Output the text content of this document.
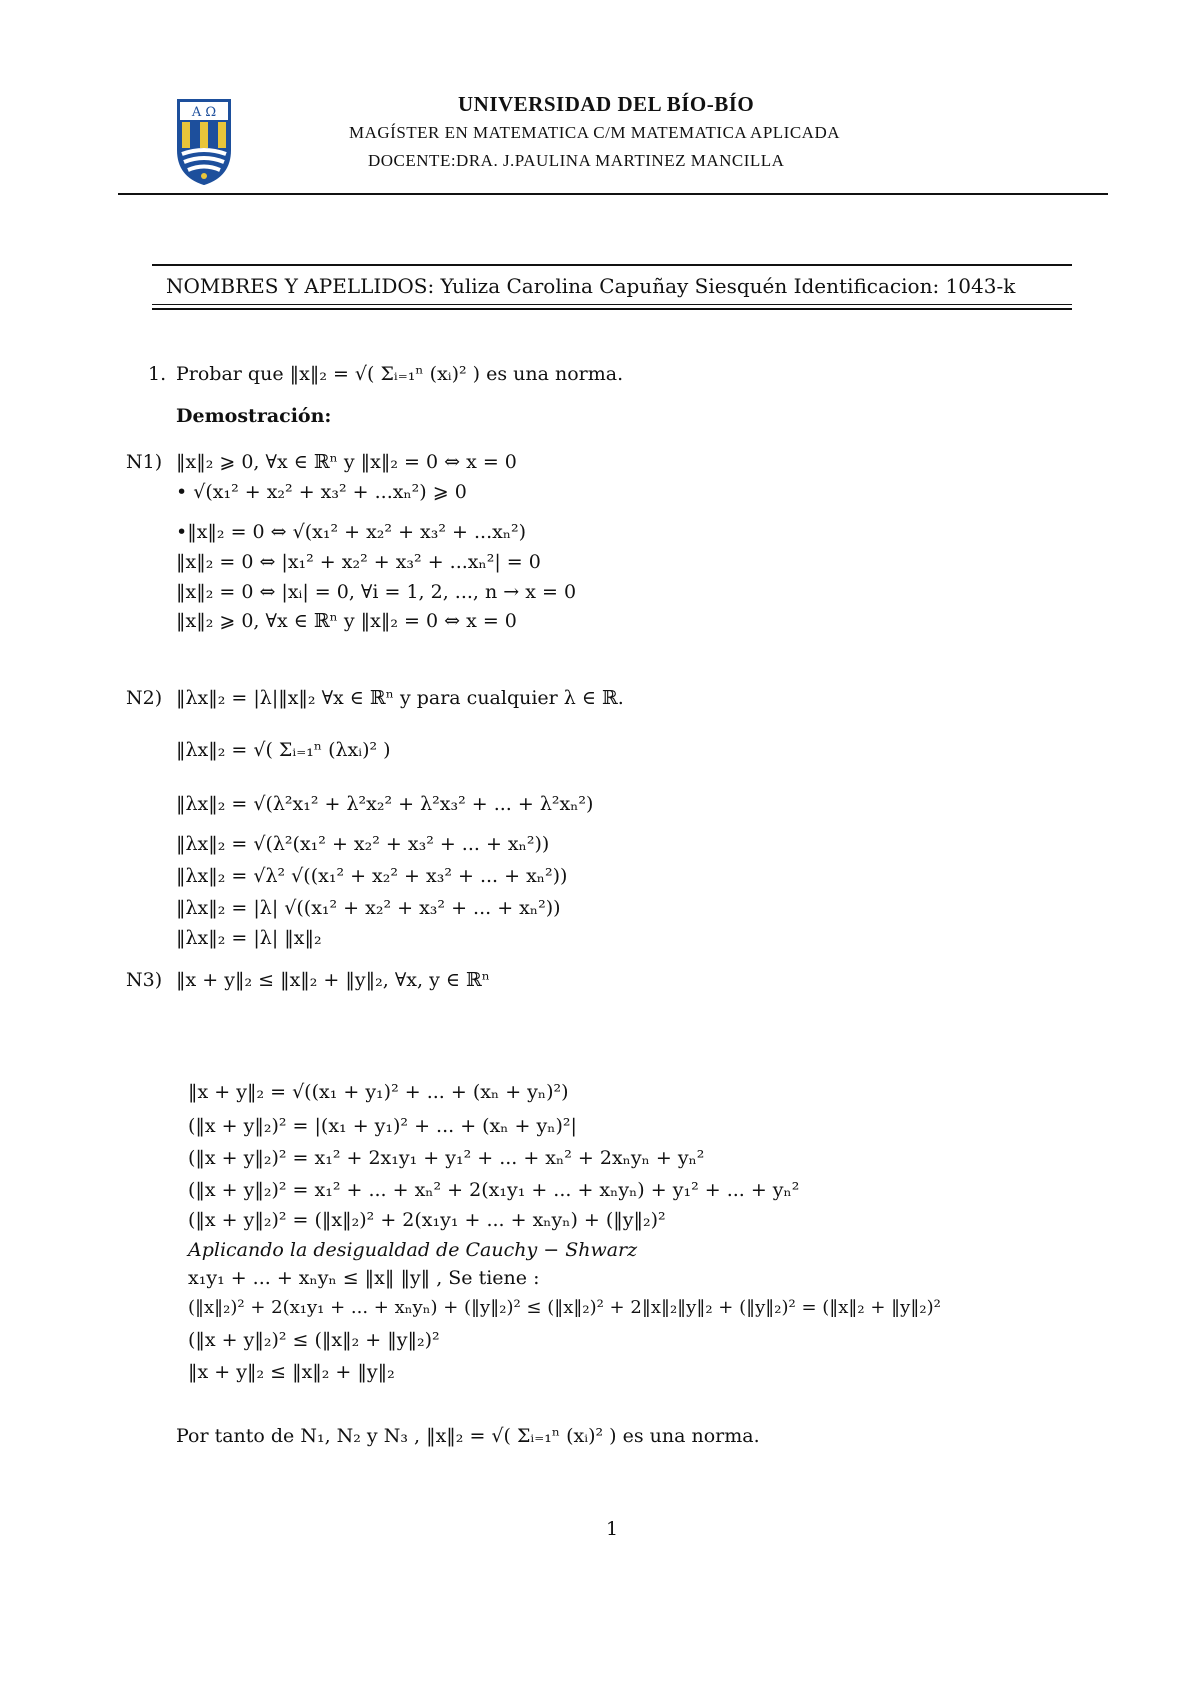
A Ω	UNIVERSIDAD DEL BÍO-BÍO
MAGÍSTER EN MATEMATICA C/M MATEMATICA APLICADA
DOCENTE:DRA. J.PAULINA MARTINEZ MANCILLA
NOMBRES Y APELLIDOS: Yuliza Carolina Capuñay Siesquén Identificacion: 1043-k
1. Probar que ‖x‖₂ = √( Σᵢ₌₁ⁿ (xᵢ)² ) es una norma.
Demostración:
N1) ‖x‖₂ ⩾ 0, ∀x ∈ ℝⁿ y ‖x‖₂ = 0 ⇔ x = 0
• √(x₁² + x₂² + x₃² + ...xₙ²) ⩾ 0
•‖x‖₂ = 0 ⇔ √(x₁² + x₂² + x₃² + ...xₙ²)
‖x‖₂ = 0 ⇔ |x₁² + x₂² + x₃² + ...xₙ²| = 0
‖x‖₂ = 0 ⇔ |xᵢ| = 0, ∀i = 1, 2, ..., n → x = 0
‖x‖₂ ⩾ 0, ∀x ∈ ℝⁿ y ‖x‖₂ = 0 ⇔ x = 0
N2) ‖λx‖₂ = |λ|‖x‖₂ ∀x ∈ ℝⁿ y para cualquier λ ∈ ℝ.
‖λx‖₂ = √( Σᵢ₌₁ⁿ (λxᵢ)² )
‖λx‖₂ = √(λ²x₁² + λ²x₂² + λ²x₃² + ... + λ²xₙ²)
‖λx‖₂ = √(λ²(x₁² + x₂² + x₃² + ... + xₙ²))
‖λx‖₂ = √λ² √((x₁² + x₂² + x₃² + ... + xₙ²))
‖λx‖₂ = |λ| √((x₁² + x₂² + x₃² + ... + xₙ²))
‖λx‖₂ = |λ| ‖x‖₂
N3) ‖x + y‖₂ ≤ ‖x‖₂ + ‖y‖₂, ∀x, y ∈ ℝⁿ
‖x + y‖₂ = √((x₁ + y₁)² + ... + (xₙ + yₙ)²)
(‖x + y‖₂)² = |(x₁ + y₁)² + ... + (xₙ + yₙ)²|
(‖x + y‖₂)² = x₁² + 2x₁y₁ + y₁² + ... + xₙ² + 2xₙyₙ + yₙ²
(‖x + y‖₂)² = x₁² + ... + xₙ² + 2(x₁y₁ + ... + xₙyₙ) + y₁² + ... + yₙ²
(‖x + y‖₂)² = (‖x‖₂)² + 2(x₁y₁ + ... + xₙyₙ) + (‖y‖₂)²
Aplicando la desigualdad de Cauchy − Shwarz
x₁y₁ + ... + xₙyₙ ≤ ‖x‖ ‖y‖ , Se tiene :
(‖x‖₂)² + 2(x₁y₁ + ... + xₙyₙ) + (‖y‖₂)² ≤ (‖x‖₂)² + 2‖x‖₂‖y‖₂ + (‖y‖₂)² = (‖x‖₂ + ‖y‖₂)²
(‖x + y‖₂)² ≤ (‖x‖₂ + ‖y‖₂)²
‖x + y‖₂ ≤ ‖x‖₂ + ‖y‖₂
Por tanto de N₁, N₂ y N₃ , ‖x‖₂ = √( Σᵢ₌₁ⁿ (xᵢ)² ) es una norma.
1
